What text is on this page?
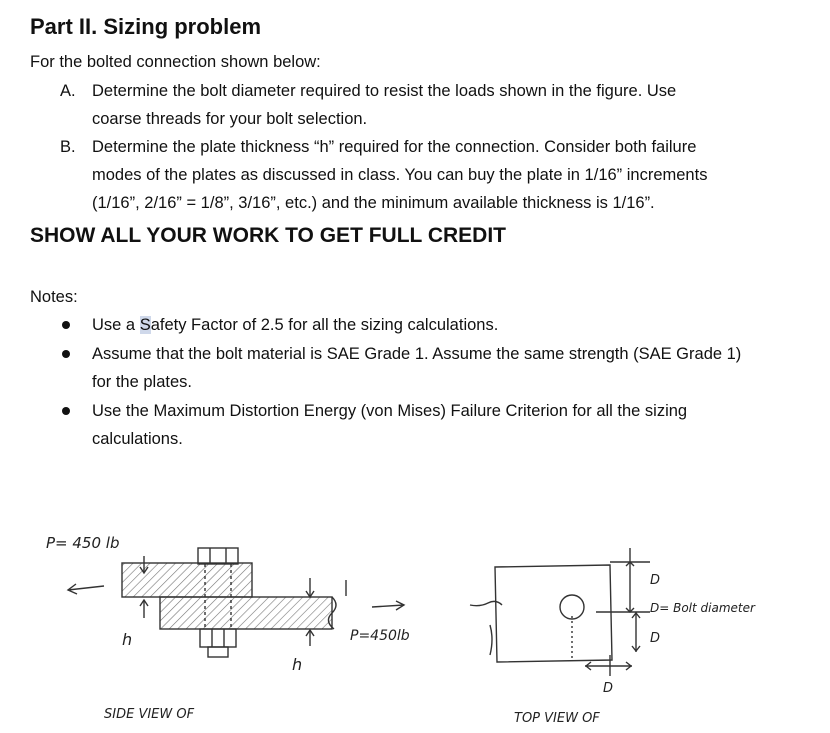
Part II. Sizing problem

For the bolted connection shown below:

A. Determine the bolt diameter required to resist the loads shown in the figure. Use
coarse threads for your bolt selection.
B. Determine the plate thickness “h” required for the connection. Consider both failure
modes of the plates as discussed in class. You can buy the plate in 1/16” increments
(1/16”, 2/16” = 1/8”, 3/16”, etc.) and the minimum available thickness is 1/16”.
SHOW ALL YOUR WORK TO GET FULL CREDIT
Notes:
Use a Safety Factor of 2.5 for all the sizing calculations.
Assume that the bolt material is SAE Grade 1. Assume the same strength (SAE Grade 1)
for the plates.
Use the Maximum Distortion Energy (von Mises) Failure Criterion for all the sizing
calculations.
P= 450 lb
h
h
P=450lb
SIDE VIEW OF	TOP VIEW OF
D
D
D
D= Bolt diameter
